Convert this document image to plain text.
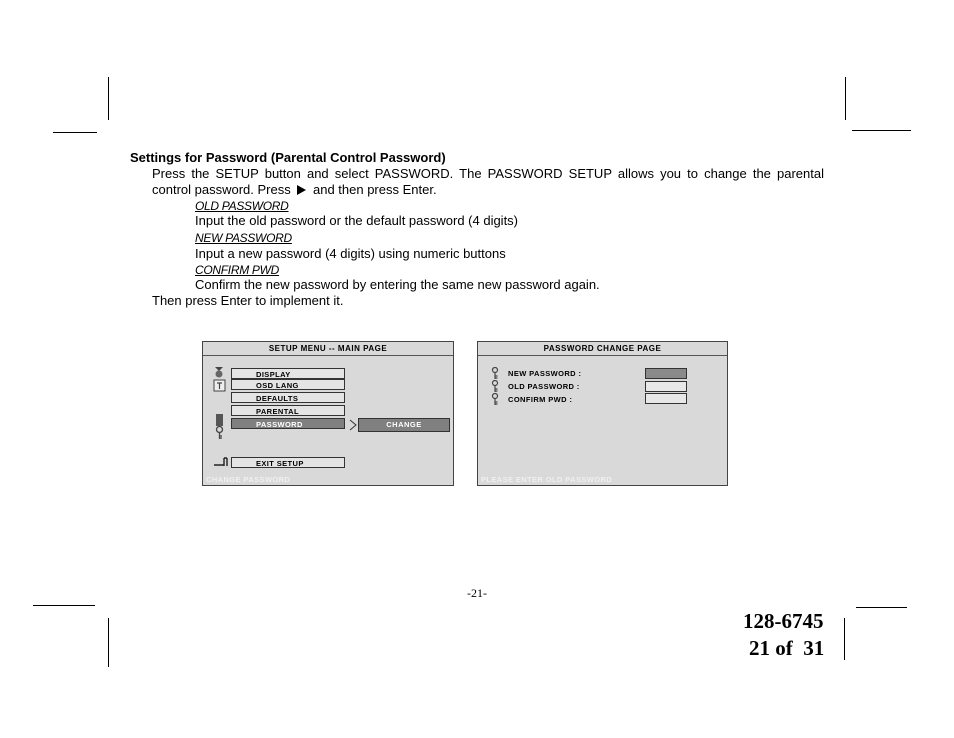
Settings for Password (Parental Control Password)
Press the SETUP button and select PASSWORD. The PASSWORD SETUP allows you to change the parental control password. Press and then press Enter.
OLD PASSWORD
Input the old password or the default password (4 digits)
NEW PASSWORD
Input a new password (4 digits) using numeric buttons
CONFIRM PWD
Confirm the new password by entering the same new password again.
Then press Enter to implement it.
SETUP MENU -- MAIN PAGE
DISPLAY
OSD LANG
DEFAULTS
PARENTAL
PASSWORD	CHANGE
EXIT SETUP
CHANGE PASSWORD
PASSWORD CHANGE PAGE
NEW PASSWORD :
OLD PASSWORD :
CONFIRM PWD :
PLEASE ENTER OLD PASSWORD
-21-
128-6745
21 of  31
